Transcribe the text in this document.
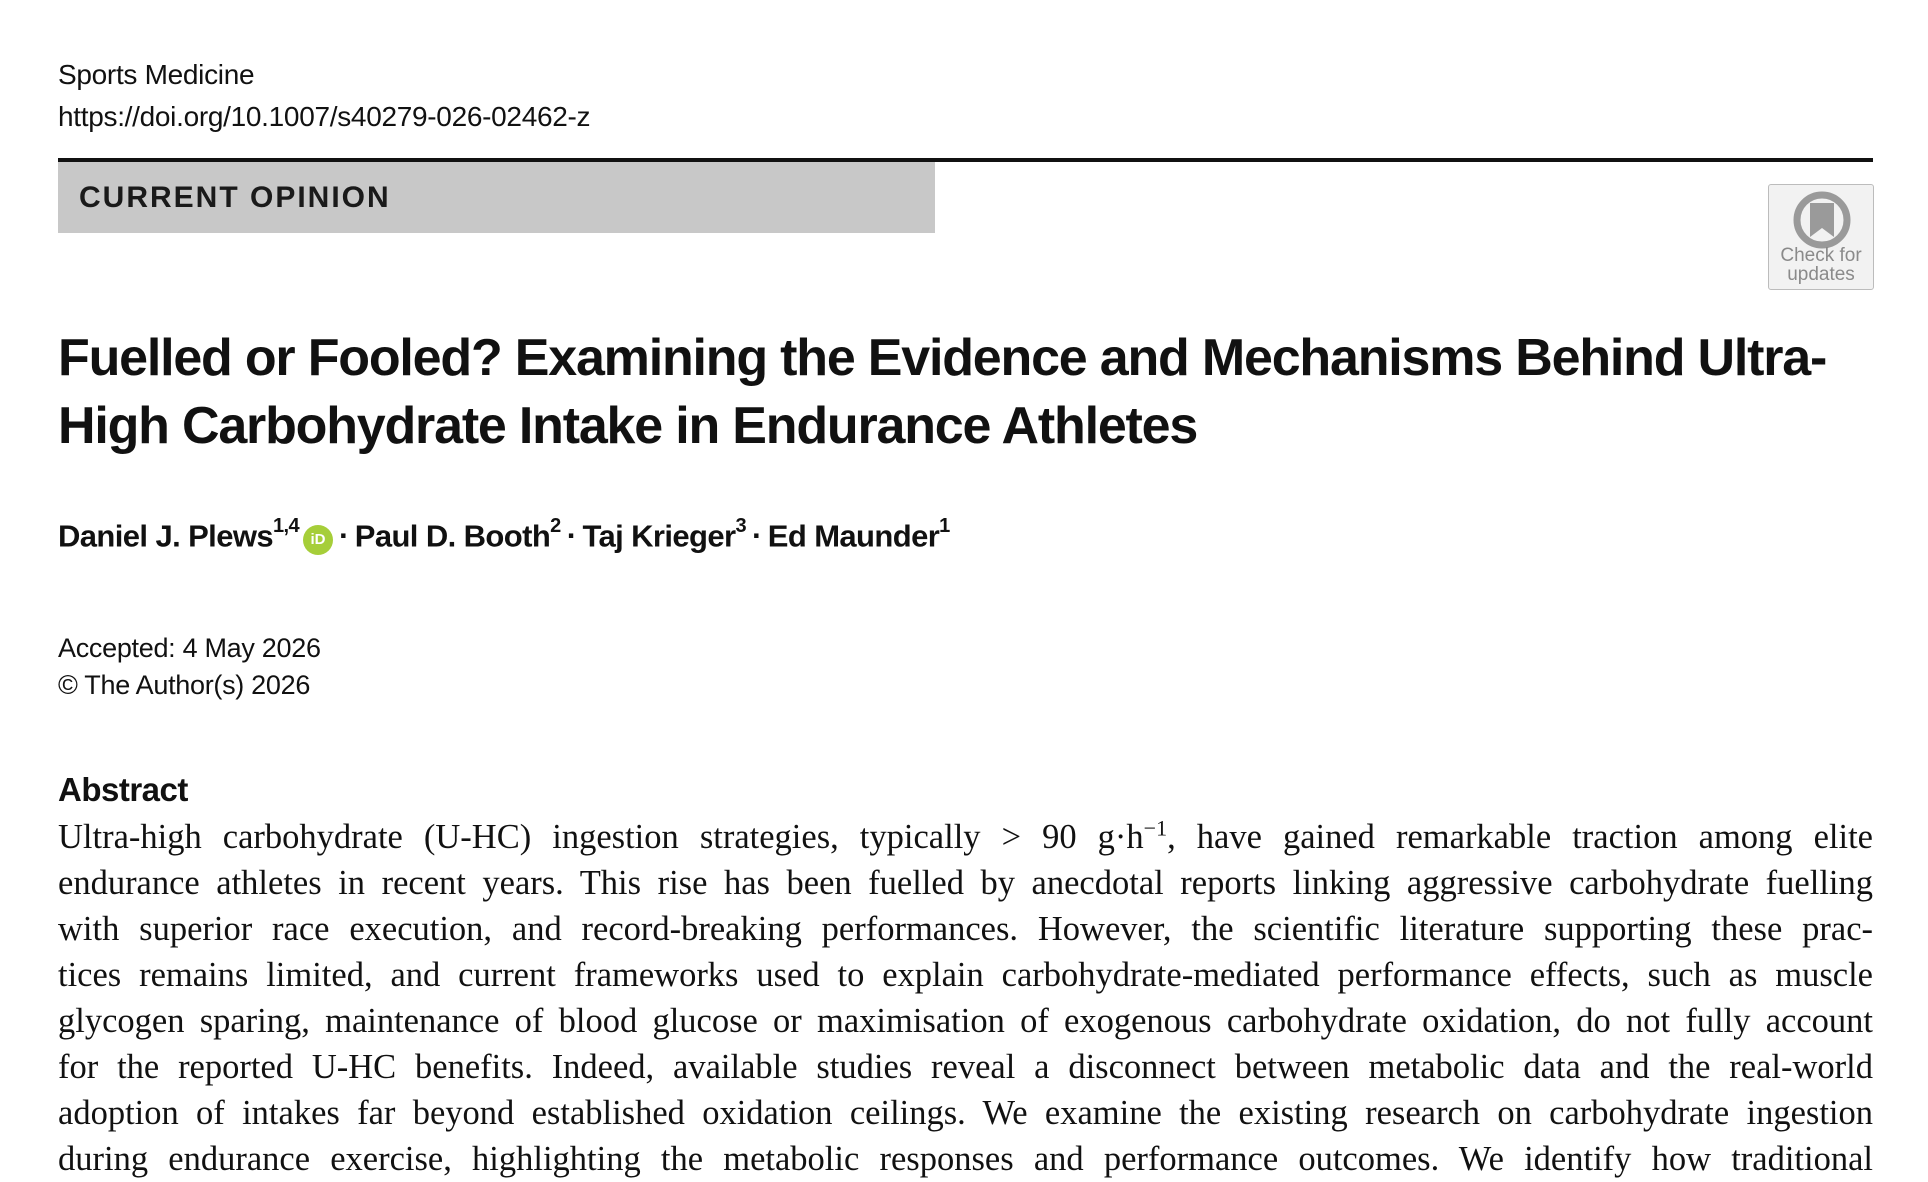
Sports Medicine
https://doi.org/10.1007/s40279-026-02462-z
CURRENT OPINION
Check for
updates
Fuelled or Fooled? Examining the Evidence and Mechanisms Behind Ultra-High Carbohydrate Intake in Endurance Athletes
Daniel J. Plews$^{1,4}$iD · Paul D. Booth$^2$ · Taj Krieger$^3$ · Ed Maunder$^1$
Accepted: 4 May 2026
© The Author(s) 2026
Abstract
Ultra-high carbohydrate (U-HC) ingestion strategies, typically > 90 $g\cdot h^{-1}$, have gained remarkable traction among elite
endurance athletes in recent years. This rise has been fuelled by anecdotal reports linking aggressive carbohydrate fuelling
with superior race execution, and record-breaking performances. However, the scientific literature supporting these prac-
tices remains limited, and current frameworks used to explain carbohydrate-mediated performance effects, such as muscle
glycogen sparing, maintenance of blood glucose or maximisation of exogenous carbohydrate oxidation, do not fully account
for the reported U-HC benefits. Indeed, available studies reveal a disconnect between metabolic data and the real-world
adoption of intakes far beyond established oxidation ceilings. We examine the existing research on carbohydrate ingestion
during endurance exercise, highlighting the metabolic responses and performance outcomes. We identify how traditional
